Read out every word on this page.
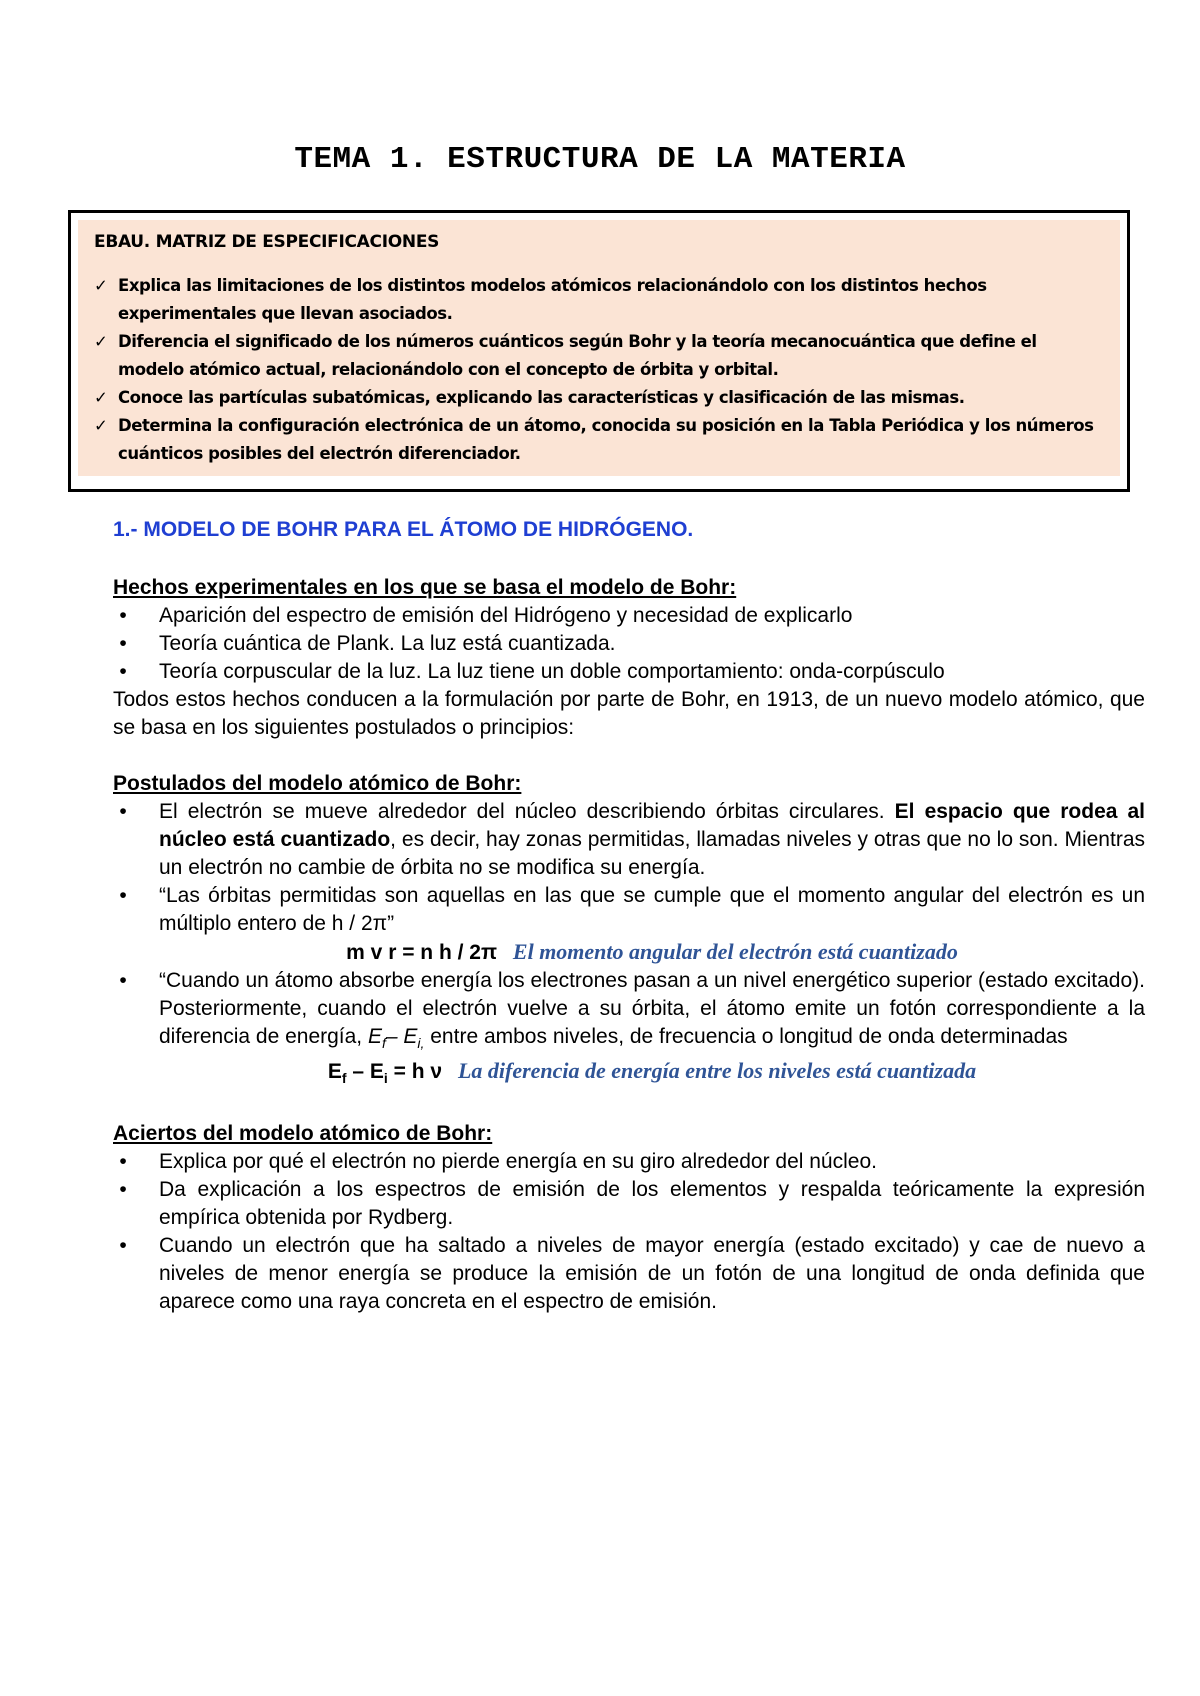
TEMA 1. ESTRUCTURA DE LA MATERIA
EBAU. MATRIZ DE ESPECIFICACIONES
✓ Explica las limitaciones de los distintos modelos atómicos relacionándolo con los distintos hechos experimentales que llevan asociados.
✓ Diferencia el significado de los números cuánticos según Bohr y la teoría mecanocuántica que define el modelo atómico actual, relacionándolo con el concepto de órbita y orbital.
✓ Conoce las partículas subatómicas, explicando las características y clasificación de las mismas.
✓ Determina la configuración electrónica de un átomo, conocida su posición en la Tabla Periódica y los números cuánticos posibles del electrón diferenciador.
1.- MODELO DE BOHR PARA EL ÁTOMO DE HIDRÓGENO.
Hechos experimentales en los que se basa el modelo de Bohr:
•	Aparición del espectro de emisión del Hidrógeno y necesidad de explicarlo
•	Teoría cuántica de Plank. La luz está cuantizada.
•	Teoría corpuscular de la luz. La luz tiene un doble comportamiento: onda-corpúsculo

Todos estos hechos conducen a la formulación por parte de Bohr, en 1913, de un nuevo modelo atómico, que se basa en los siguientes postulados o principios:

Postulados del modelo atómico de Bohr:
•	El electrón se mueve alrededor del núcleo describiendo órbitas circulares. El espacio que rodea al núcleo está cuantizado, es decir, hay zonas permitidas, llamadas niveles y otras que no lo son. Mientras un electrón no cambie de órbita no se modifica su energía.
•	“Las órbitas permitidas son aquellas en las que se cumple que el momento angular del electrón es un múltiplo entero de h / 2π”
m v r = n h / 2π El momento angular del electrón está cuantizado
•	“Cuando un átomo absorbe energía los electrones pasan a un nivel energético superior (estado excitado). Posteriormente, cuando el electrón vuelve a su órbita, el átomo emite un fotón correspondiente a la diferencia de energía, $E_f-$ $E_{i,}$ entre ambos niveles, de frecuencia o longitud de onda determinadas
$E_f - E_i = h$ ν La diferencia de energía entre los niveles está cuantizada
Aciertos del modelo atómico de Bohr:
•	Explica por qué el electrón no pierde energía en su giro alrededor del núcleo.
•	Da explicación a los espectros de emisión de los elementos y respalda teóricamente la expresión empírica obtenida por Rydberg.
•	Cuando un electrón que ha saltado a niveles de mayor energía (estado excitado) y cae de nuevo a niveles de menor energía se produce la emisión de un fotón de una longitud de onda definida que aparece como una raya concreta en el espectro de emisión.
